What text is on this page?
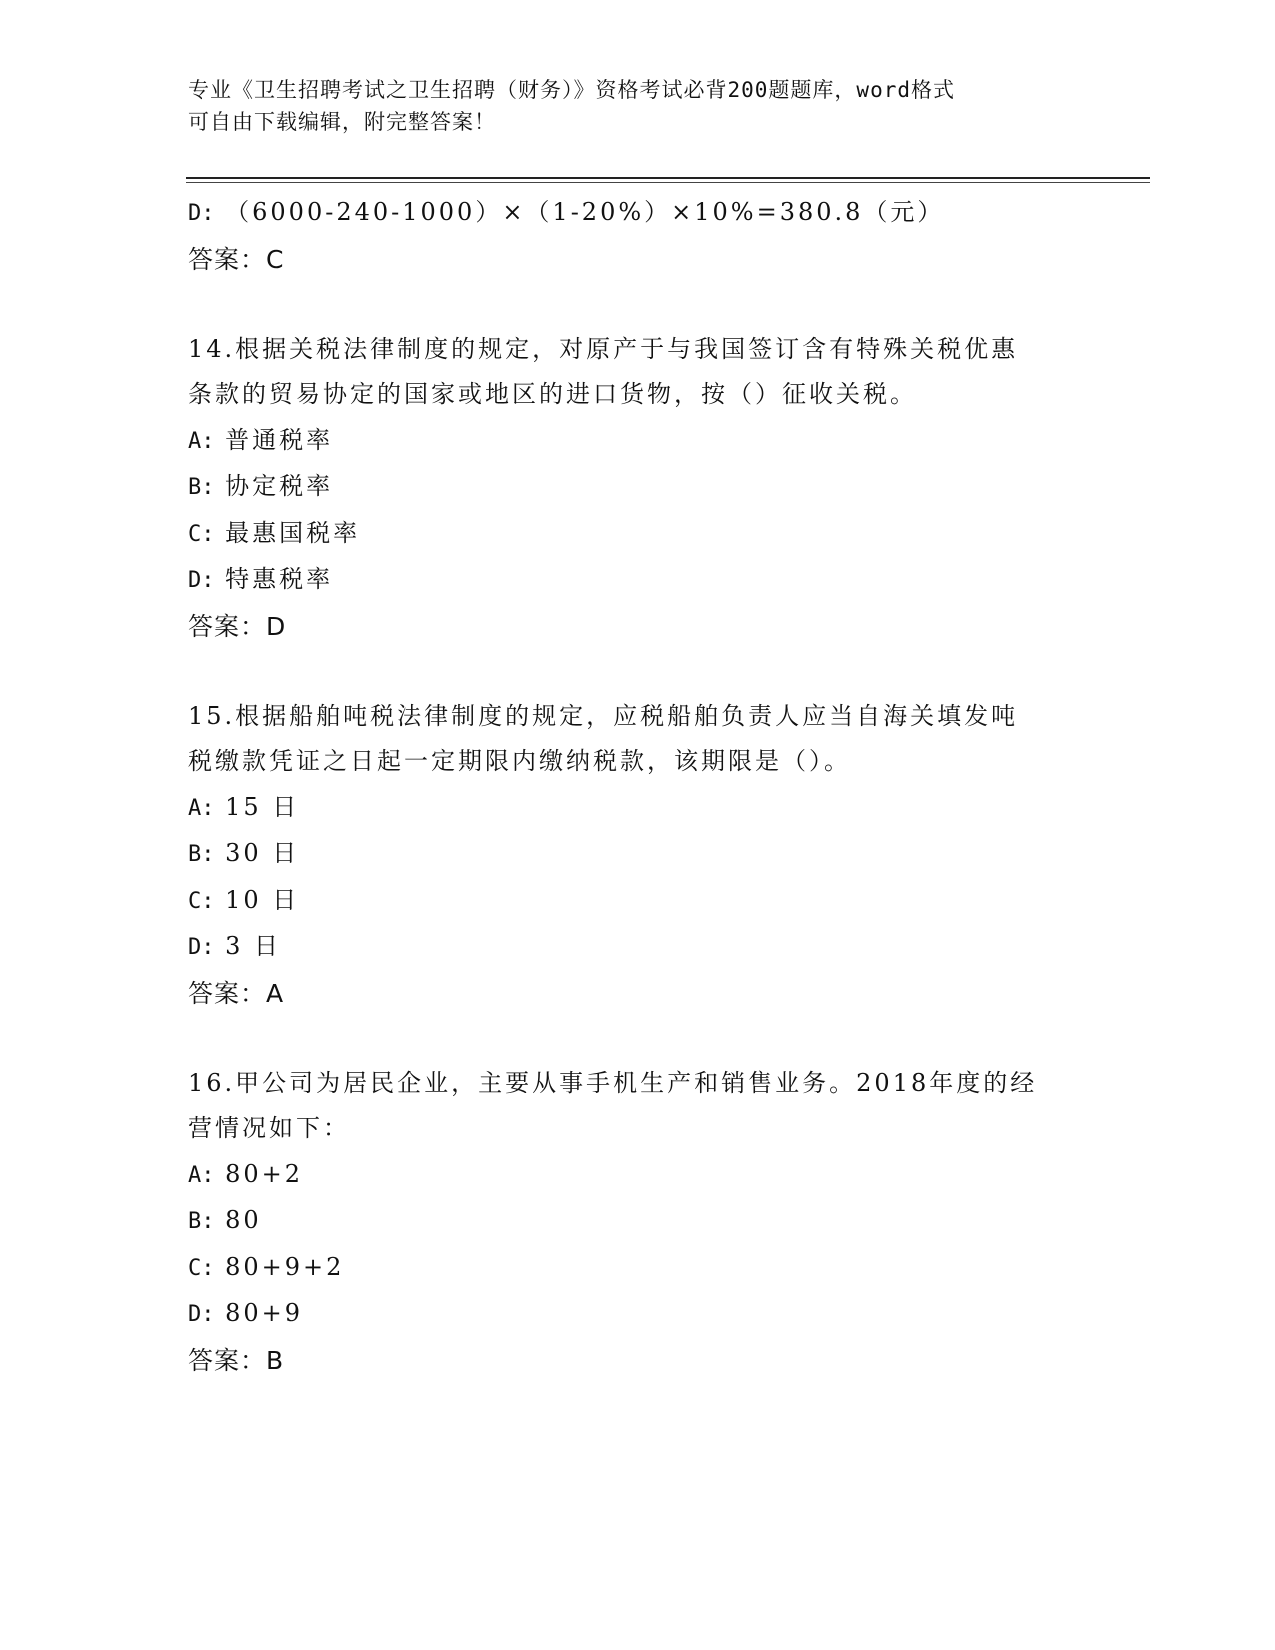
专业《卫生招聘考试之卫生招聘（财务）》资格考试必背200题题库，word格式
可自由下载编辑，附完整答案！
D: （6000-240-1000）×（1-20%）×10%=380.8（元）
答案：C
14.根据关税法律制度的规定，对原产于与我国签订含有特殊关税优惠
条款的贸易协定的国家或地区的进口货物，按（）征收关税。
A: 普通税率
B: 协定税率
C: 最惠国税率
D: 特惠税率
答案：D
15.根据船舶吨税法律制度的规定，应税船舶负责人应当自海关填发吨
税缴款凭证之日起一定期限内缴纳税款，该期限是（）。
A: 15 日
B: 30 日
C: 10 日
D: 3 日
答案：A
16.甲公司为居民企业，主要从事手机生产和销售业务。2018年度的经
营情况如下：
A: 80+2
B: 80
C: 80+9+2
D: 80+9
答案：B
